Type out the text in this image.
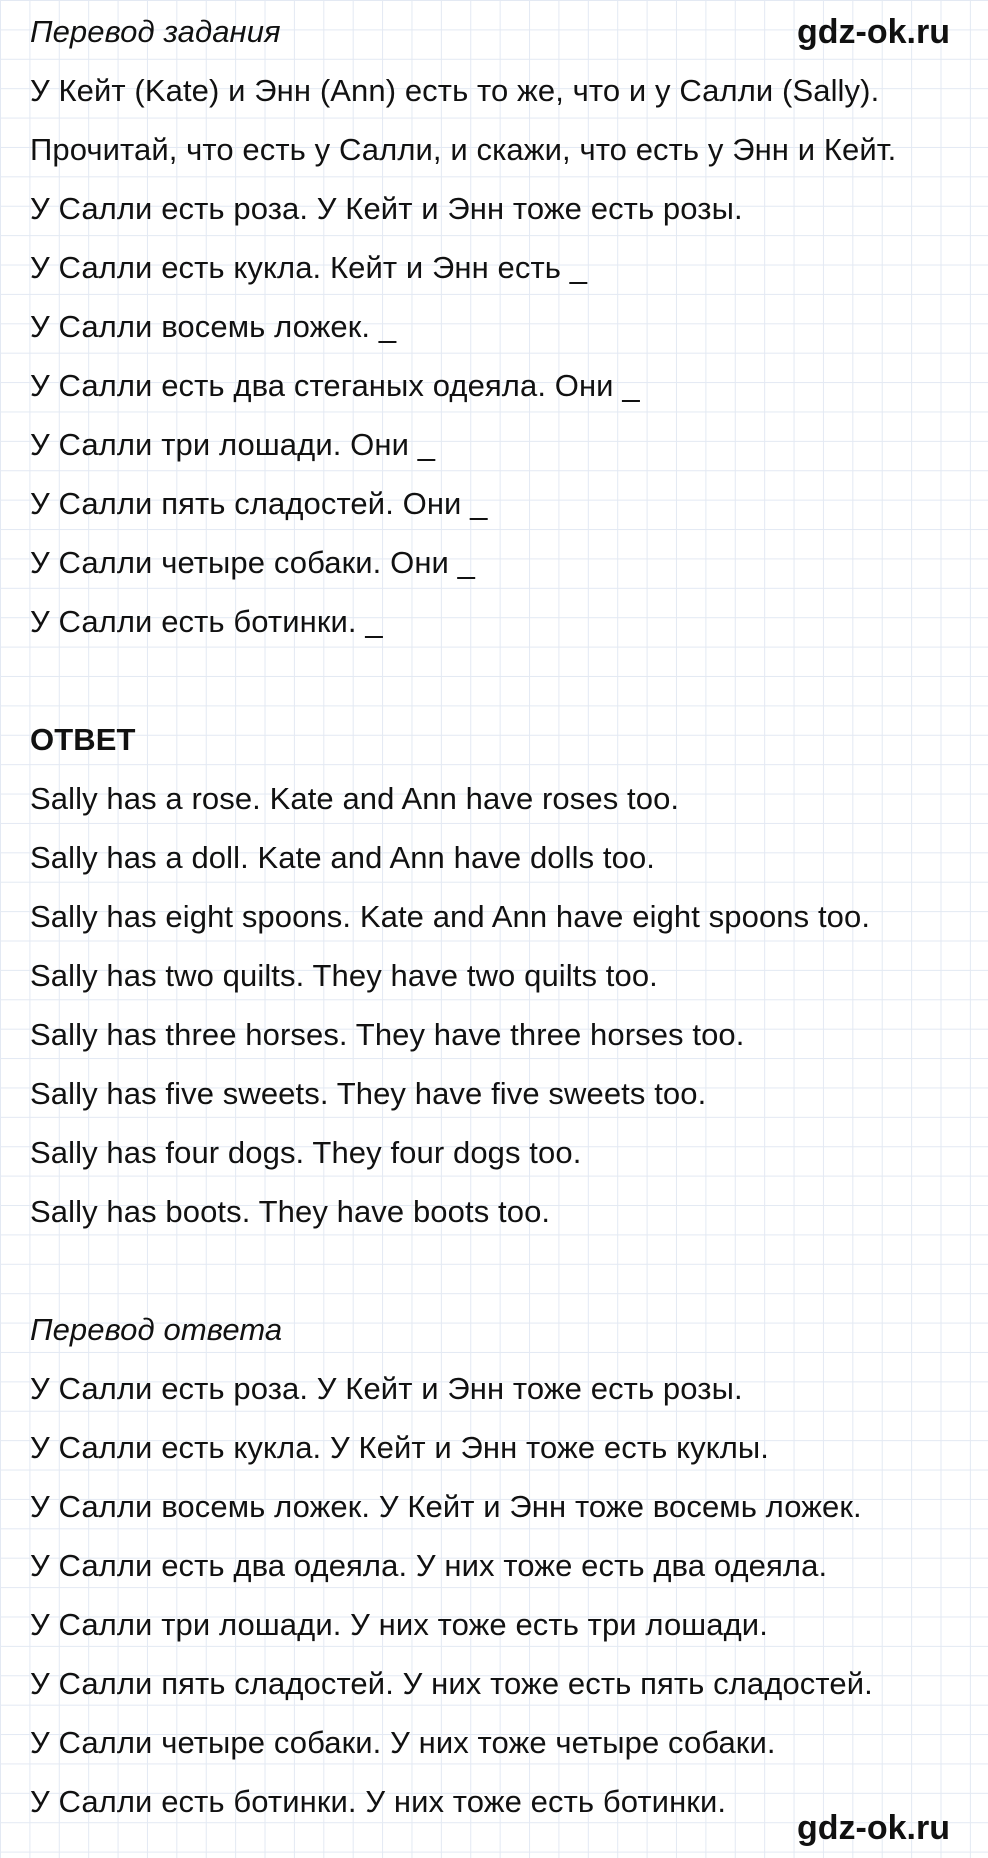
gdz-ok.ru
gdz-ok.ru
Перевод задания
У Кейт (Kate) и Энн (Ann) есть то же, что и у Салли (Sally).
Прочитай, что есть у Салли, и скажи, что есть у Энн и Кейт.
У Салли есть роза. У Кейт и Энн тоже есть розы.
У Салли есть кукла. Кейт и Энн есть _
У Салли восемь ложек. _
У Салли есть два стеганых одеяла. Они _
У Салли три лошади. Они _
У Салли пять сладостей. Они _
У Салли четыре собаки. Они _
У Салли есть ботинки. _
ОТВЕТ
Sally has a rose. Kate and Ann have roses too.
Sally has a doll. Kate and Ann have dolls too.
Sally has eight spoons. Kate and Ann have eight spoons too.
Sally has two quilts. They have two quilts too.
Sally has three horses. They have three horses too.
Sally has five sweets. They have five sweets too.
Sally has four dogs. They four dogs too.
Sally has boots. They have boots too.
Перевод ответа
У Салли есть роза. У Кейт и Энн тоже есть розы.
У Салли есть кукла. У Кейт и Энн тоже есть куклы.
У Салли восемь ложек. У Кейт и Энн тоже восемь ложек.
У Салли есть два одеяла. У них тоже есть два одеяла.
У Салли три лошади. У них тоже есть три лошади.
У Салли пять сладостей. У них тоже есть пять сладостей.
У Салли четыре собаки. У них тоже четыре собаки.
У Салли есть ботинки. У них тоже есть ботинки.
